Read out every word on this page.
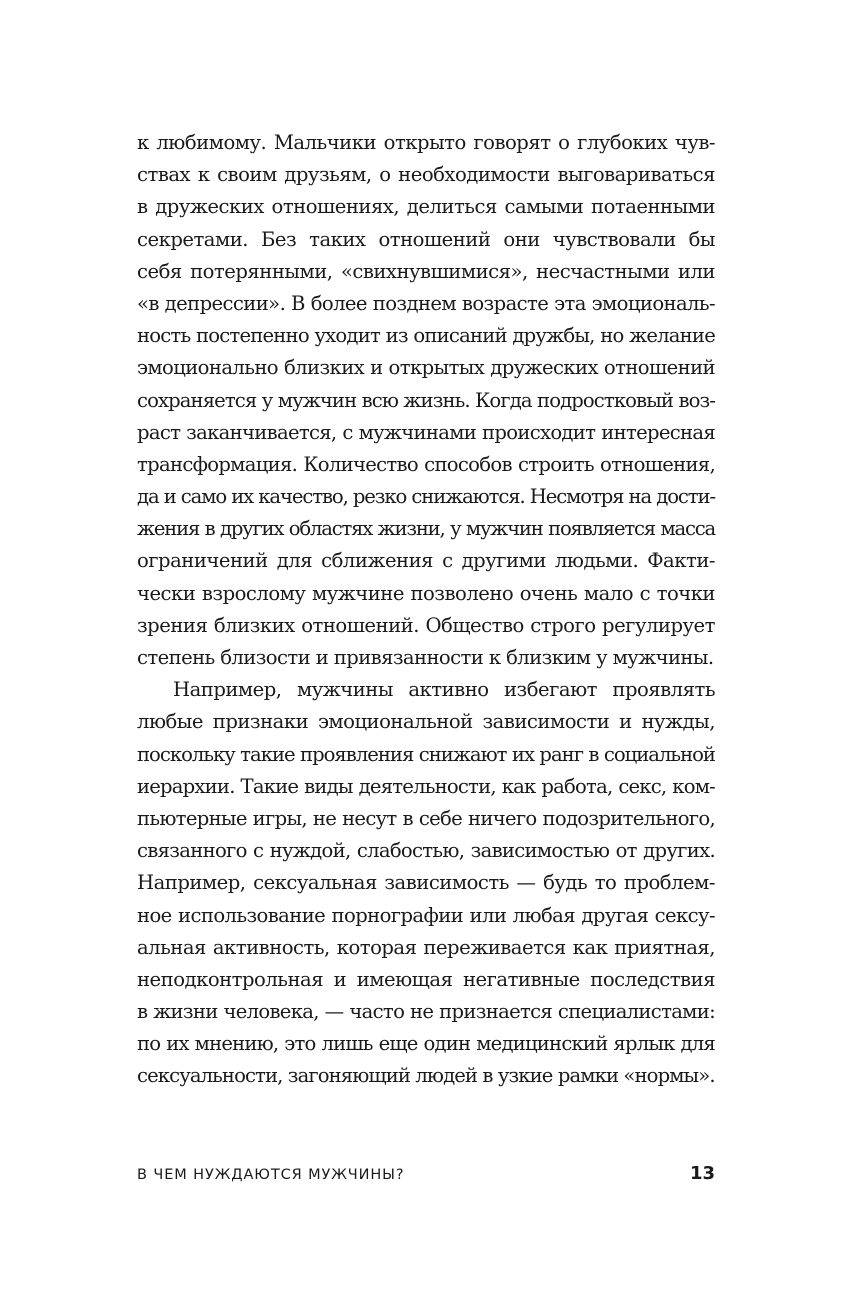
к любимому. Мальчики открыто говорят о глубоких чув-
ствах к своим друзьям, о необходимости выговариваться
в дружеских отношениях, делиться самыми потаенными
секретами. Без таких отношений они чувствовали бы
себя потерянными, «свихнувшимися», несчастными или
«в депрессии». В более позднем возрасте эта эмоциональ-
ность постепенно уходит из описаний дружбы, но желание
эмоционально близких и открытых дружеских отношений
сохраняется у мужчин всю жизнь. Когда подростковый воз-
раст заканчивается, с мужчинами происходит интересная
трансформация. Количество способов строить отношения,
да и само их качество, резко снижаются. Несмотря на дости-
жения в других областях жизни, у мужчин появляется масса
ограничений для сближения с другими людьми. Факти-
чески взрослому мужчине позволено очень мало с точки
зрения близких отношений. Общество строго регулирует
степень близости и привязанности к близким у мужчины.
Например, мужчины активно избегают проявлять
любые признаки эмоциональной зависимости и нужды,
поскольку такие проявления снижают их ранг в социальной
иерархии. Такие виды деятельности, как работа, секс, ком-
пьютерные игры, не несут в себе ничего подозрительного,
связанного с нуждой, слабостью, зависимостью от других.
Например, сексуальная зависимость — будь то проблем-
ное использование порнографии или любая другая сексу-
альная активность, которая переживается как приятная,
неподконтрольная и имеющая негативные последствия
в жизни человека, — часто не признается специалистами:
по их мнению, это лишь еще один медицинский ярлык для
сексуальности, загоняющий людей в узкие рамки «нормы».
В ЧЕМ НУЖДАЮТСЯ МУЖЧИНЫ?	13
